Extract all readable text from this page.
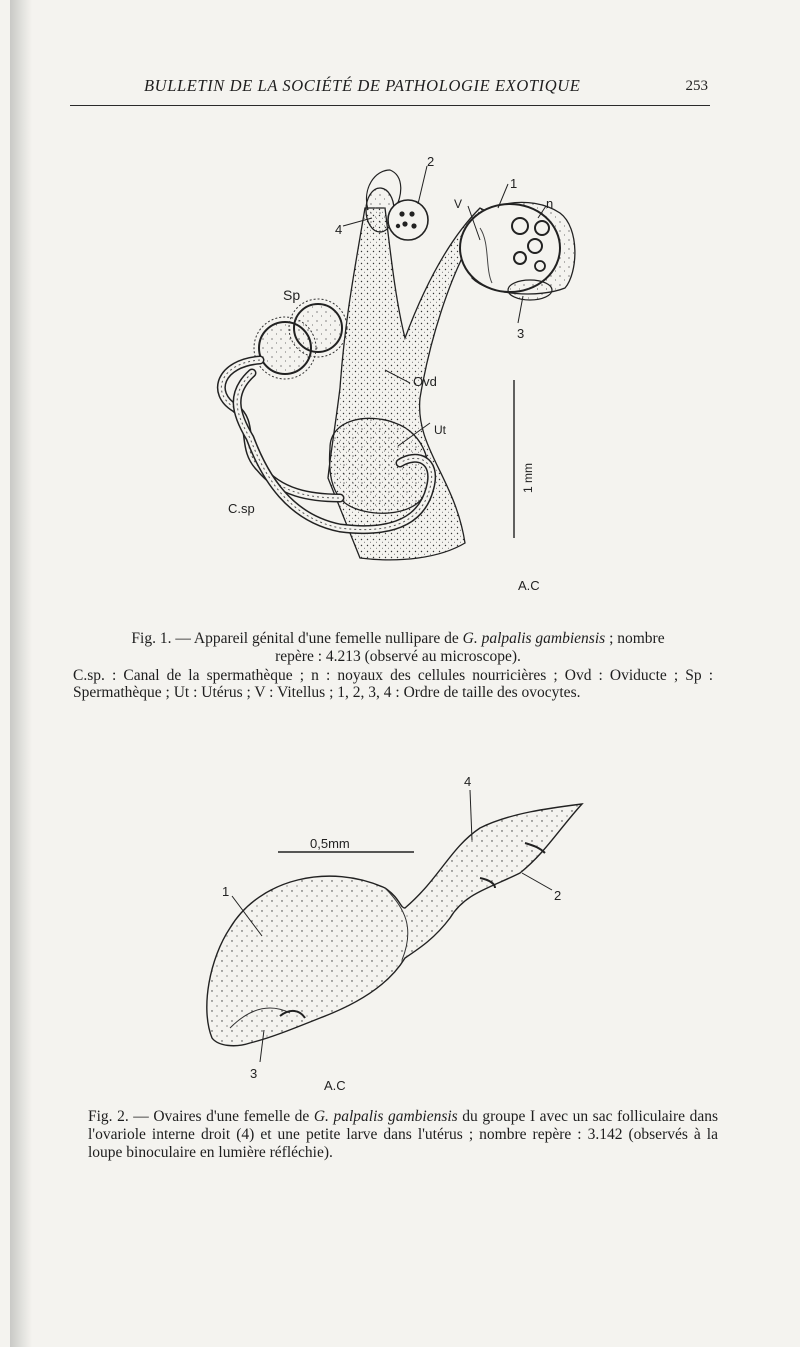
BULLETIN DE LA SOCIÉTÉ DE PATHOLOGIE EXOTIQUE	253
1 mm
2
4
1
V	n
3
Sp
Ovd
Ut
C.sp
A.C
Fig. 1. — Appareil génital d'une femelle nullipare de G. palpalis gambiensis ; nombre repère : 4.213 (observé au microscope).
C.sp. : Canal de la spermathèque ; n : noyaux des cellules nourricières ; Ovd : Oviducte ; Sp : Spermathèque ; Ut : Utérus ; V : Vitellus ; 1, 2, 3, 4 : Ordre de taille des ovocytes.
0,5mm
4
2
1
3
A.C
Fig. 2. — Ovaires d'une femelle de G. palpalis gambiensis du groupe I avec un sac folliculaire dans l'ovariole interne droit (4) et une petite larve dans l'utérus ; nombre repère : 3.142 (observés à la loupe binoculaire en lumière réfléchie).
